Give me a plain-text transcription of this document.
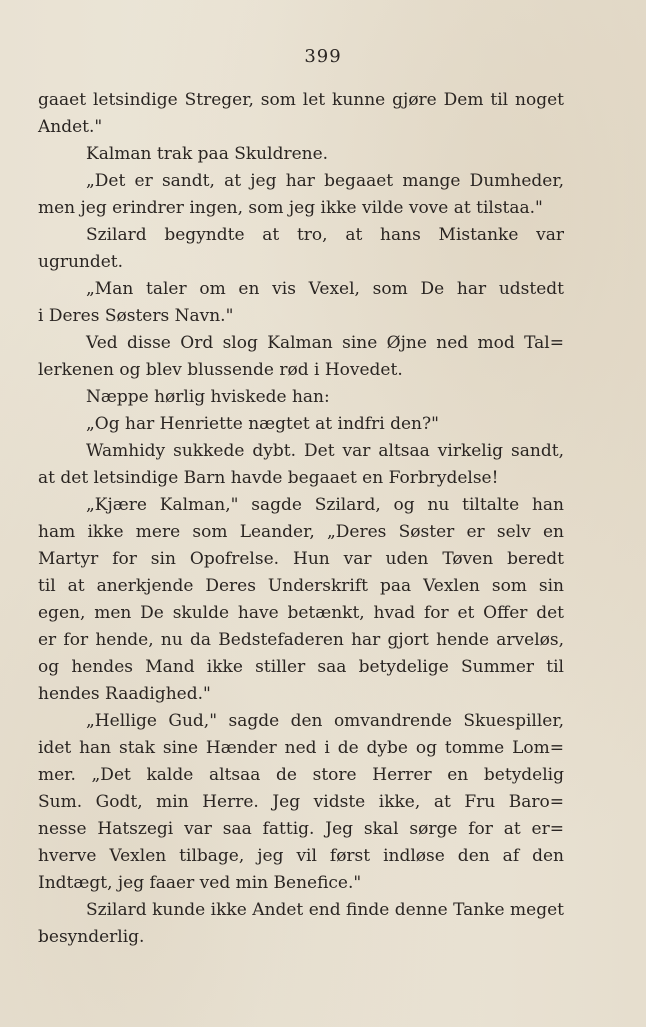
399

gaaet letsindige Streger, som let kunne gjøre Dem til noget
Andet."
Kalman trak paa Skuldrene.
„Det er sandt, at jeg har begaaet mange Dumheder,
men jeg erindrer ingen, som jeg ikke vilde vove at tilstaa."
Szilard begyndte at tro, at hans Mistanke var
ugrundet.
„Man taler om en vis Vexel, som De har udstedt
i Deres Søsters Navn."
Ved disse Ord slog Kalman sine Øjne ned mod Tal=
lerkenen og blev blussende rød i Hovedet.
Næppe hørlig hviskede han:
„Og har Henriette nægtet at indfri den?"
Wamhidy sukkede dybt. Det var altsaa virkelig sandt,
at det letsindige Barn havde begaaet en Forbrydelse!
„Kjære Kalman," sagde Szilard, og nu tiltalte han
ham ikke mere som Leander, „Deres Søster er selv en
Martyr for sin Opofrelse. Hun var uden Tøven beredt
til at anerkjende Deres Underskrift paa Vexlen som sin
egen, men De skulde have betænkt, hvad for et Offer det
er for hende, nu da Bedstefaderen har gjort hende arveløs,
og hendes Mand ikke stiller saa betydelige Summer til
hendes Raadighed."
„Hellige Gud," sagde den omvandrende Skuespiller,
idet han stak sine Hænder ned i de dybe og tomme Lom=
mer. „Det kalde altsaa de store Herrer en betydelig
Sum. Godt, min Herre. Jeg vidste ikke, at Fru Baro=
nesse Hatszegi var saa fattig. Jeg skal sørge for at er=
hverve Vexlen tilbage, jeg vil først indløse den af den
Indtægt, jeg faaer ved min Benefice."
Szilard kunde ikke Andet end finde denne Tanke meget
besynderlig.
